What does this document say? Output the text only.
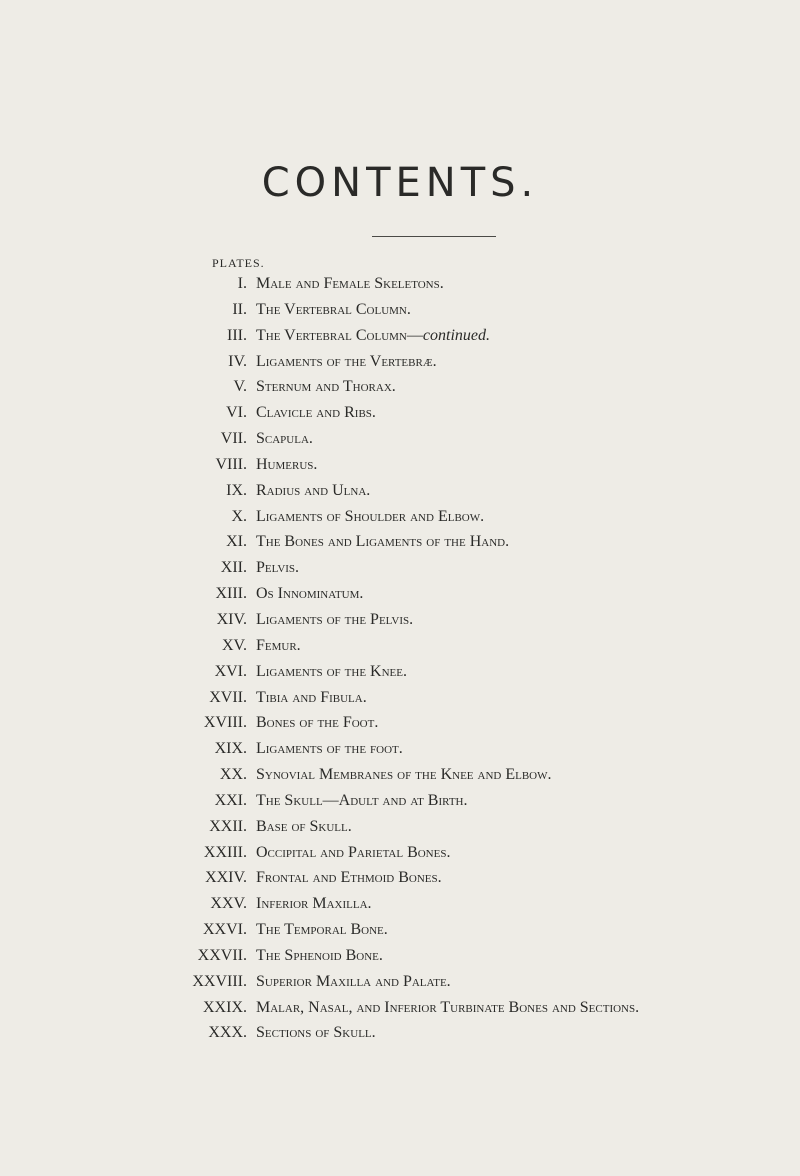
CONTENTS.
PLATES.
I. Male and Female Skeletons.
II. The Vertebral Column.
III. The Vertebral Column—continued.
IV. Ligaments of the Vertebræ.
V. Sternum and Thorax.
VI. Clavicle and Ribs.
VII. Scapula.
VIII. Humerus.
IX. Radius and Ulna.
X. Ligaments of Shoulder and Elbow.
XI. The Bones and Ligaments of the Hand.
XII. Pelvis.
XIII. Os Innominatum.
XIV. Ligaments of the Pelvis.
XV. Femur.
XVI. Ligaments of the Knee.
XVII. Tibia and Fibula.
XVIII. Bones of the Foot.
XIX. Ligaments of the foot.
XX. Synovial Membranes of the Knee and Elbow.
XXI. The Skull—Adult and at Birth.
XXII. Base of Skull.
XXIII. Occipital and Parietal Bones.
XXIV. Frontal and Ethmoid Bones.
XXV. Inferior Maxilla.
XXVI. The Temporal Bone.
XXVII. The Sphenoid Bone.
XXVIII. Superior Maxilla and Palate.
XXIX. Malar, Nasal, and Inferior Turbinate Bones and Sections.
XXX. Sections of Skull.
